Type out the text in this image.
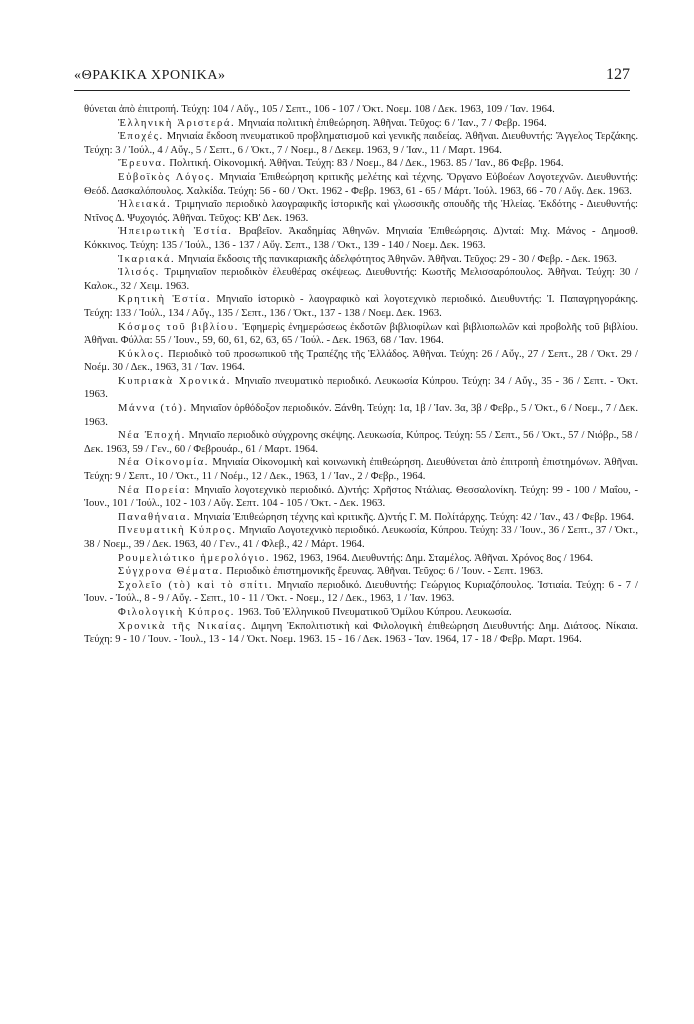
«ΘΡΑΚΙΚΑ ΧΡΟΝΙΚΑ»	127

θύνεται ἀπὸ ἐπιτροπή. Τεύχη: 104 / Αὔγ., 105 / Σεπτ., 106 - 107 / Ὀκτ. Νοεμ. 108 / Δεκ. 1963, 109 / Ἰαν. 1964.

Ἑλληνικὴ Ἀριστερά. Μηνιαία πολιτικὴ ἐπιθεώρηση. Ἀθῆναι. Τεῦχος: 6 / Ἰαν., 7 / Φεβρ. 1964.

Ἐποχές. Μηνιαία ἔκδοση πνευματικοῦ προβληματισμοῦ καὶ γενικῆς παιδείας. Ἀθῆναι. Διευθυντής: Ἄγγελος Τερζάκης. Τεύχη: 3 / Ἰούλ., 4 / Αὔγ., 5 / Σεπτ., 6 / Ὀκτ., 7 / Νοεμ., 8 / Δεκεμ. 1963, 9 / Ἰαν., 11 / Μαρτ. 1964.

Ἔρευνα. Πολιτική. Οἰκονομική. Ἀθῆναι. Τεύχη: 83 / Νοεμ., 84 / Δεκ., 1963. 85 / Ἰαν., 86 Φεβρ. 1964.

Εὐβοϊκὸς Λόγος. Μηνιαία Ἐπιθεώρηση κριτικῆς μελέτης καὶ τέχνης. Ὄργανο Εὐβοέων Λογοτεχνῶν. Διευθυντής: Θεόδ. Δασκαλόπουλος. Χαλκίδα. Τεύχη: 56 - 60 / Ὀκτ. 1962 - Φεβρ. 1963, 61 - 65 / Μάρτ. Ἰούλ. 1963, 66 - 70 / Αὔγ. Δεκ. 1963.

Ἠλειακά. Τριμηνιαῖο περιοδικὸ λαογραφικῆς ἱστορικῆς καὶ γλωσσικῆς σπουδῆς τῆς Ἠλείας. Ἐκδότης - Διευθυντής: Ντῖνος Δ. Ψυχογιός. Ἀθῆναι. Τεῦχος: ΚΒ' Δεκ. 1963.

Ἠπειρωτικὴ Ἑστία. Βραβεῖον. Ἀκαδημίας Ἀθηνῶν. Μηνιαία Ἐπιθεώρησις. Δ)νταί: Μιχ. Μάνος - Δημοσθ. Κόκκινος. Τεύχη: 135 / Ἰούλ., 136 - 137 / Αὔγ. Σεπτ., 138 / Ὀκτ., 139 - 140 / Νοεμ. Δεκ. 1963.

Ἰκαριακά. Μηνιαία ἔκδοσις τῆς πανικαριακῆς ἀδελφότητος Ἀθηνῶν. Ἀθῆναι. Τεῦχος: 29 - 30 / Φεβρ. - Δεκ. 1963.

Ἰλισός. Τριμηνιαῖον περιοδικὸν ἐλευθέρας σκέψεως. Διευθυντής: Κωστῆς Μελισσαρόπουλος. Ἀθῆναι. Τεύχη: 30 / Καλοκ., 32 / Χειμ. 1963.

Κρητικὴ Ἑστία. Μηνιαῖο ἱστορικὸ - λαογραφικὸ καὶ λογοτεχνικὸ περιοδικό. Διευθυντής: Ἰ. Παπαγρηγοράκης. Τεύχη: 133 / Ἰούλ., 134 / Αὔγ., 135 / Σεπτ., 136 / Ὀκτ., 137 - 138 / Νοεμ. Δεκ. 1963.

Κόσμος τοῦ βιβλίου. Ἐφημερὶς ἐνημερώσεως ἐκδοτῶν βιβλιοφίλων καὶ βιβλιοπωλῶν καὶ προβολῆς τοῦ βιβλίου. Ἀθῆναι. Φύλλα: 55 / Ἰουν., 59, 60, 61, 62, 63, 65 / Ἰούλ. - Δεκ. 1963, 68 / Ἰαν. 1964.

Κύκλος. Περιοδικὸ τοῦ προσωπικοῦ τῆς Τραπέζης τῆς Ἑλλάδος. Ἀθῆναι. Τεύχη: 26 / Αὔγ., 27 / Σεπτ., 28 / Ὀκτ. 29 / Νοέμ. 30 / Δεκ., 1963, 31 / Ἰαν. 1964.

Κυπριακὰ Χρονικά. Μηνιαῖο πνευματικὸ περιοδικό. Λευκωσία Κύπρου. Τεύχη: 34 / Αὔγ., 35 - 36 / Σεπτ. - Ὀκτ. 1963.

Μάννα (τό). Μηνιαῖον ὀρθόδοξον περιοδικόν. Ξάνθη. Τεύχη: 1α, 1β / Ἰαν. 3α, 3β / Φεβρ., 5 / Ὀκτ., 6 / Νοεμ., 7 / Δεκ. 1963.

Νέα Ἐποχή. Μηνιαῖο περιοδικὸ σύγχρονης σκέψης. Λευκωσία, Κύπρος. Τεύχη: 55 / Σεπτ., 56 / Ὀκτ., 57 / Νιόβρ., 58 / Δεκ. 1963, 59 / Γεν., 60 / Φεβρουάρ., 61 / Μαρτ. 1964.

Νέα Οἰκονομία. Μηνιαία Οἰκονομικὴ καὶ κοινωνικὴ ἐπιθεώρηση. Διευθύνεται ἀπὸ ἐπιτροπὴ ἐπιστημόνων. Ἀθῆναι. Τεύχη: 9 / Σεπτ., 10 / Ὀκτ., 11 / Νοέμ., 12 / Δεκ., 1963, 1 / Ἰαν., 2 / Φεβρ., 1964.

Νέα Πορεία: Μηνιαῖο λογοτεχνικὸ περιοδικό. Δ)ντής: Χρῆστος Ντάλιας. Θεσσαλονίκη. Τεύχη: 99 - 100 / Μαΐου, - Ἰουν., 101 / Ἰούλ., 102 - 103 / Αὔγ. Σεπτ. 104 - 105 / Ὀκτ. - Δεκ. 1963.

Παναθήναια. Μηνιαία Ἐπιθεώρηση τέχνης καὶ κριτικῆς. Δ)ντής Γ. Μ. Πολίτάρχης. Τεύχη: 42 / Ἰαν., 43 / Φεβρ. 1964.

Πνευματικὴ Κύπρος. Μηνιαῖο Λογοτεχνικὸ περιοδικό. Λευκωσία, Κύπρου. Τεύχη: 33 / Ἰουν., 36 / Σεπτ., 37 / Ὀκτ., 38 / Νοεμ., 39 / Δεκ. 1963, 40 / Γεν., 41 / Φλεβ., 42 / Μάρτ. 1964.

Ρουμελιώτικο ἡμερολόγιο. 1962, 1963, 1964. Διευθυντής: Δημ. Σταμέλος. Ἀθῆναι. Χρόνος 8ος / 1964.

Σύγχρονα Θέματα. Περιοδικὸ ἐπιστημονικῆς ἔρευνας. Ἀθῆναι. Τεῦχος: 6 / Ἰουν. - Σεπτ. 1963.

Σχολεῖο (τὸ) καὶ τὸ σπίτι. Μηνιαῖο περιοδικό. Διευθυντής: Γεώργιος Κυριαζόπουλος. Ἱστιαία. Τεύχη: 6 - 7 / Ἰουν. - Ἰούλ., 8 - 9 / Αὔγ. - Σεπτ., 10 - 11 / Ὀκτ. - Νοεμ., 12 / Δεκ., 1963, 1 / Ἰαν. 1963.

Φιλολογικὴ Κύπρος. 1963. Τοῦ Ἑλληνικοῦ Πνευματικοῦ Ὁμίλου Κύπρου. Λευκωσία.

Χρονικὰ τῆς Νικαίας. Διμηνη Ἐκπολιτιστικὴ καὶ Φιλολογικὴ ἐπιθεώρηση Διευθυντής: Δημ. Διάτσος. Νίκαια. Τεύχη: 9 - 10 / Ἰουν. - Ἰουλ., 13 - 14 / Ὀκτ. Νοεμ. 1963. 15 - 16 / Δεκ. 1963 - Ἰαν. 1964, 17 - 18 / Φεβρ. Μαρτ. 1964.
